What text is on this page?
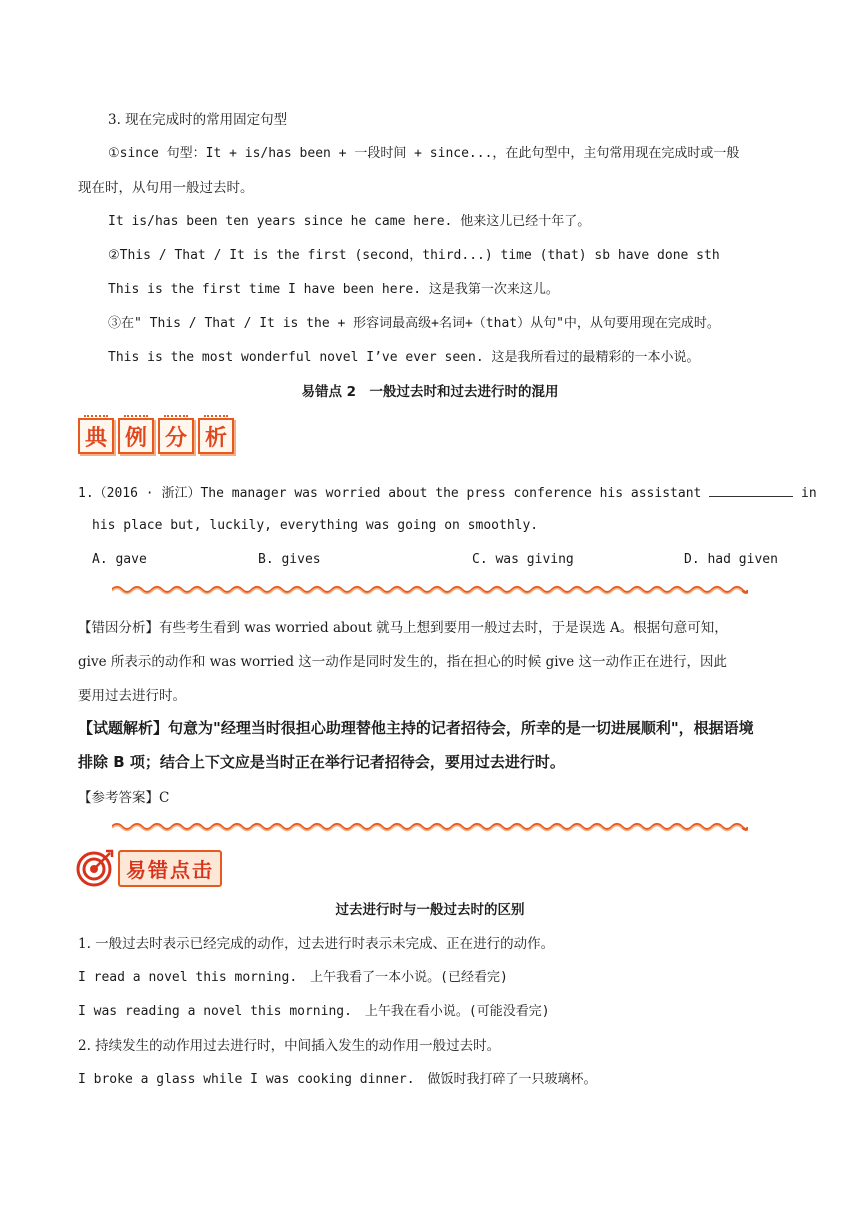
3. 现在完成时的常用固定句型
①since 句型：It + is/has been + 一段时间 + since...，在此句型中，主句常用现在完成时或一般
现在时，从句用一般过去时。
It is/has been ten years since he came here. 他来这儿已经十年了。
②This / That / It is the first (second，third...) time (that) sb have done sth
This is the first time I have been here. 这是我第一次来这儿。
③在" This / That / It is the + 形容词最高级+名词+（that）从句"中，从句要用现在完成时。
This is the most wonderful novel I’ve ever seen. 这是我所看过的最精彩的一本小说。
易错点 2　一般过去时和过去进行时的混用
典 例 分 析
1.（2016 · 浙江）The manager was worried about the press conference his assistant	in
his place but, luckily, everything was going on smoothly.
A. gave	B. gives	C. was giving	D. had given
【错因分析】有些考生看到 was worried about 就马上想到要用一般过去时，于是误选 A。根据句意可知，
give 所表示的动作和 was worried 这一动作是同时发生的，指在担心的时候 give 这一动作正在进行，因此
要用过去进行时。
【试题解析】句意为"经理当时很担心助理替他主持的记者招待会，所幸的是一切进展顺利"，根据语境
排除 B 项；结合上下文应是当时正在举行记者招待会，要用过去进行时。
【参考答案】C
易错点击
过去进行时与一般过去时的区别
1. 一般过去时表示已经完成的动作，过去进行时表示未完成、正在进行的动作。
I read a novel this morning.　上午我看了一本小说。(已经看完)
I was reading a novel this morning.　上午我在看小说。(可能没看完)
2. 持续发生的动作用过去进行时，中间插入发生的动作用一般过去时。
I broke a glass while I was cooking dinner.　做饭时我打碎了一只玻璃杯。
